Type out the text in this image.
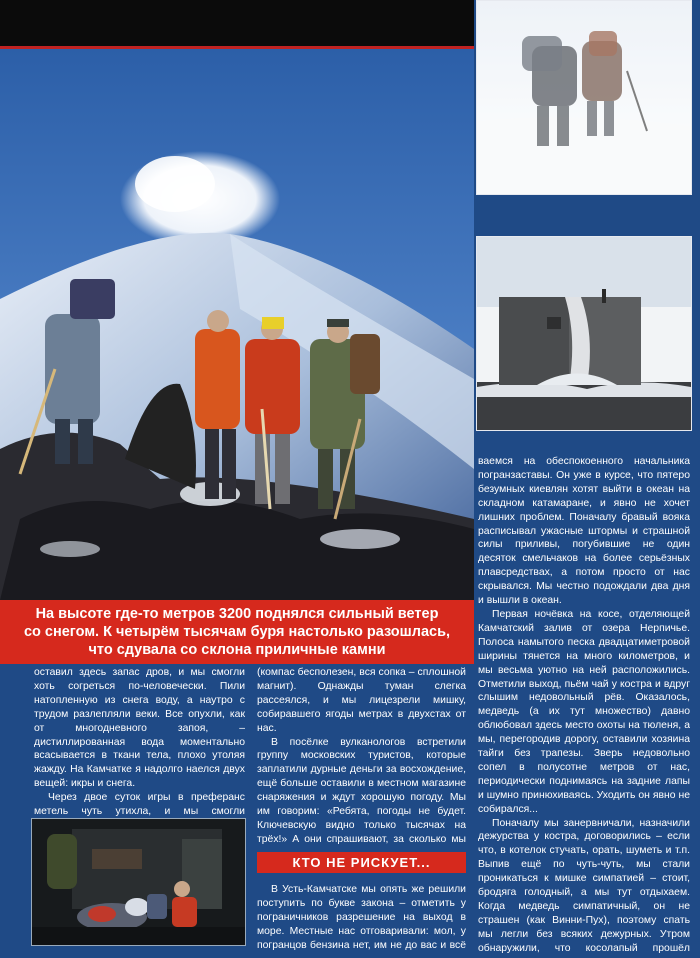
На высоте где-то метров 3200 поднялся сильный ветер
со снегом. К четырём тысячам буря настолько разошлась,
что сдувала со склона приличные камни

ваемся на обеспокоенного начальника погранзаставы. Он уже в курсе, что пятеро безумных киевлян хотят выйти в океан на складном катамаране, и явно не хочет лишних проблем. Поначалу бравый вояка расписывал ужасные штормы и страшной силы приливы, погубившие не один десяток смельчаков на более серьёзных плавсредствах, а потом просто от нас скрывался. Мы честно подождали два дня и вышли в океан.

Первая ночёвка на косе, отделяющей Камчатский залив от озера Нерпичье. Полоса намытого песка двадцатиметровой ширины тянется на много километров, и мы весьма уютно на ней расположились. Отметили выход, пьём чай у костра и вдруг слышим недовольный рёв. Оказалось, медведь (а их тут множество) давно облюбовал здесь место охоты на тюленя, а мы, перегородив дорогу, оставили хозяина тайги без трапезы. Зверь недовольно сопел в полусотне метров от нас, периодически поднимаясь на задние лапы и шумно принюхиваясь. Уходить он явно не собирался...

Поначалу мы занервничали, назначили дежурства у костра, договорились – если что, в котелок стучать, орать, шуметь и т.п. Выпив ещё по чуть-чуть, мы стали проникаться к мишке симпатией – стоит, бродяга голодный, а мы тут отдыхаем. Когда медведь симпатичный, он не страшен (как Винни-Пух), поэтому спать мы легли без всяких дежурных. Утром обнаружили, что косолапый прошёл

оставил здесь запас дров, и мы смогли хоть согреться по-человечески. Пили натопленную из снега воду, а наутро с трудом разлепляли веки. Все опухли, как от многодневного запоя, – дистиллированная вода моментально всасывается в ткани тела, плохо утоляя жажду. На Камчатке я надолго наелся двух вещей: икры и снега.

Через двое суток игры в преферанс метель чуть утихла, и мы смогли

(компас бесполезен, вся сопка – сплошной магнит). Однажды туман слегка рассеялся, и мы лицезрели мишку, собиравшего ягоды метрах в двухстах от нас.

В посёлке вулканологов встретили группу московских туристов, которые заплатили дурные деньги за восхождение, ещё больше оставили в местном магазине снаряжения и ждут хорошую погоду. Мы им говорим: «Ребята, погоды не будет. Ключевскую видно только тысячах на трёх!» А они спрашивают, за сколько мы

КТО НЕ РИСКУЕТ...

В Усть-Камчатске мы опять же решили поступить по букве закона – отметить у пограничников разрешение на выход в море. Местные нас отговаривали: мол, у погранцов бензина нет, им не до вас и всё
